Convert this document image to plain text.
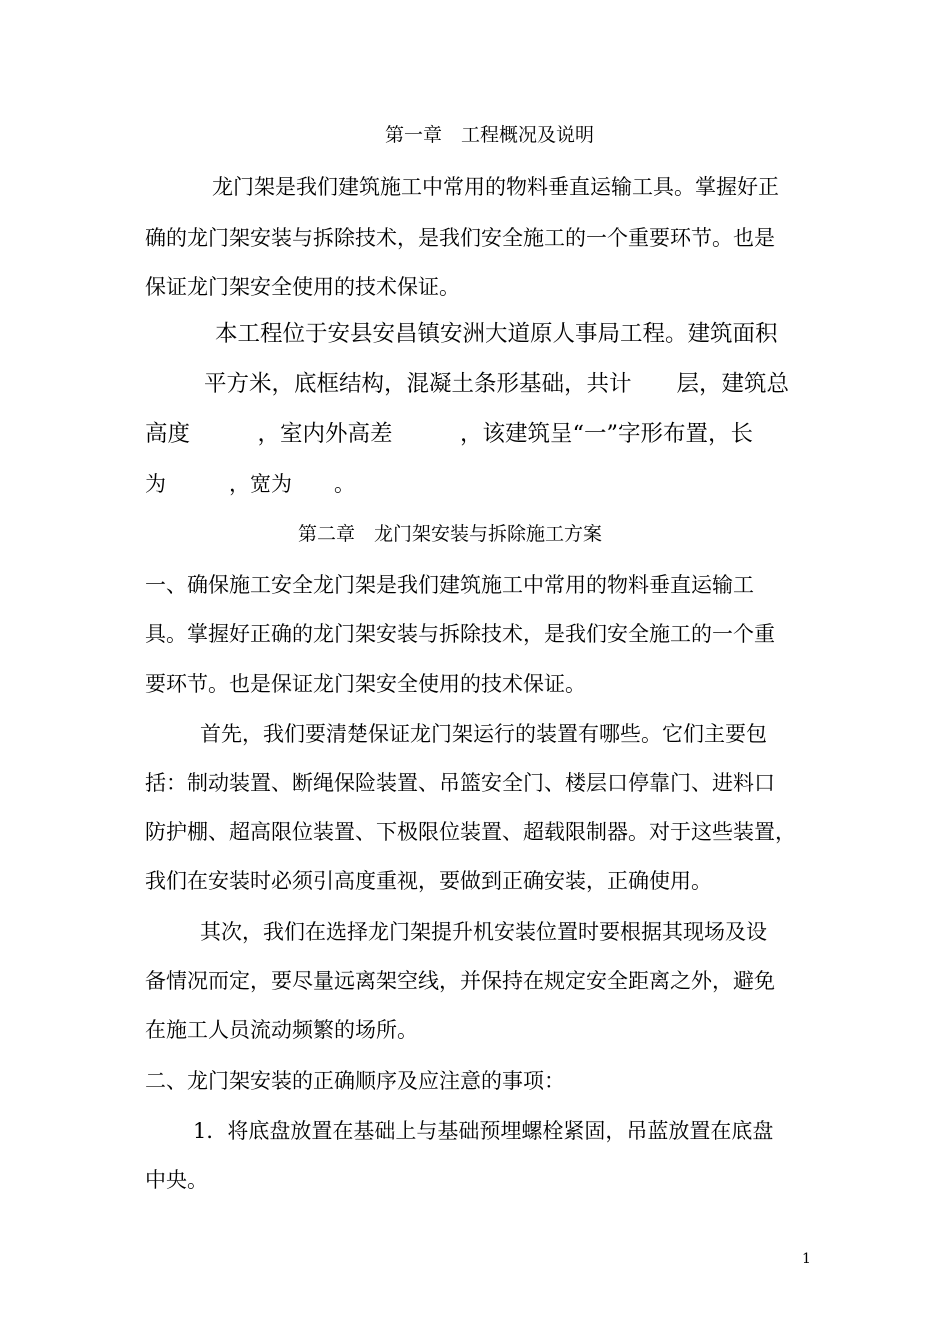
第一章　工程概况及说明
龙门架是我们建筑施工中常用的物料垂直运输工具。掌握好正
确的龙门架安装与拆除技术，是我们安全施工的一个重要环节。也是
保证龙门架安全使用的技术保证。
本工程位于安县安昌镇安洲大道原人事局工程。建筑面积
平方米，底框结构，混凝土条形基础，共计　　层，建筑总
高度　　　，室内外高差　　　，该建筑呈“一”字形布置，长
为　　　，宽为　　。
第二章　龙门架安装与拆除施工方案
一、确保施工安全龙门架是我们建筑施工中常用的物料垂直运输工
具。掌握好正确的龙门架安装与拆除技术，是我们安全施工的一个重
要环节。也是保证龙门架安全使用的技术保证。
首先，我们要清楚保证龙门架运行的装置有哪些。它们主要包
括：制动装置、断绳保险装置、吊篮安全门、楼层口停靠门、进料口
防护棚、超高限位装置、下极限位装置、超载限制器。对于这些装置，
我们在安装时必须引高度重视，要做到正确安装，正确使用。
其次，我们在选择龙门架提升机安装位置时要根据其现场及设
备情况而定，要尽量远离架空线，并保持在规定安全距离之外，避免
在施工人员流动频繁的场所。
二、龙门架安装的正确顺序及应注意的事项：
1．将底盘放置在基础上与基础预埋螺栓紧固，吊蓝放置在底盘
中央。
1
